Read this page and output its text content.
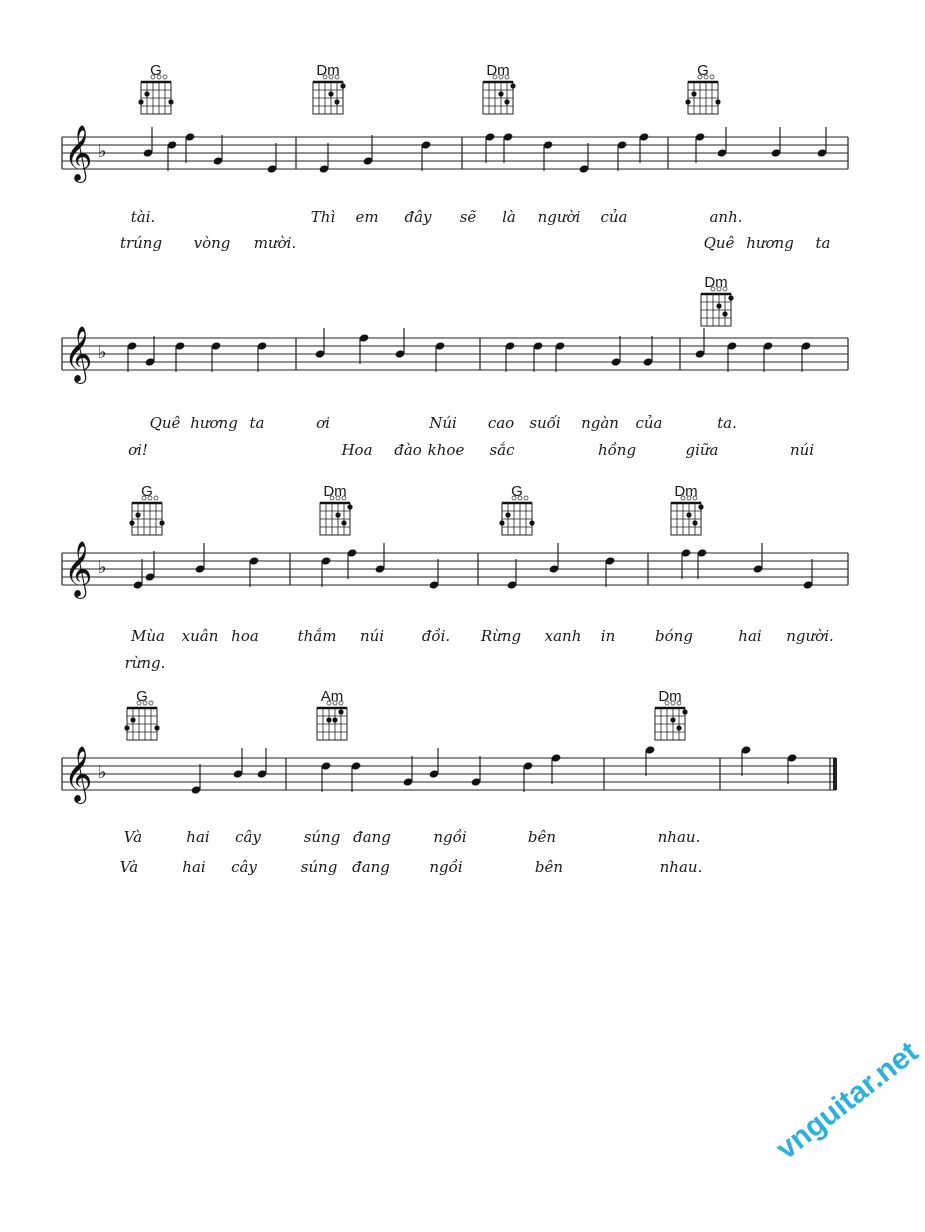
𝄞 ♭
𝄞 ♭
𝄞 ♭
𝄞 ♭
G	Dm	Dm	G
tài.	Thì em đây sẽ là người của	anh.
trúng vòng mười.	Quê hương ta
Dm
Quê hương ta	ơi	Núi cao suối ngàn của	ta.
ơi!	Hoa đào khoe sắc	hồng	giữa	núi
G	Dm	G	Dm
Mùa xuân hoa	thắm núi	đồi. Rừng xanh in	bóng	hai người.
rừng.
G	Am	Dm
Và	hai cây	súng đang	ngồi	bên	nhau.
Và	hai cây	súng đang	ngồi	bên	nhau.
vnguitar.net
